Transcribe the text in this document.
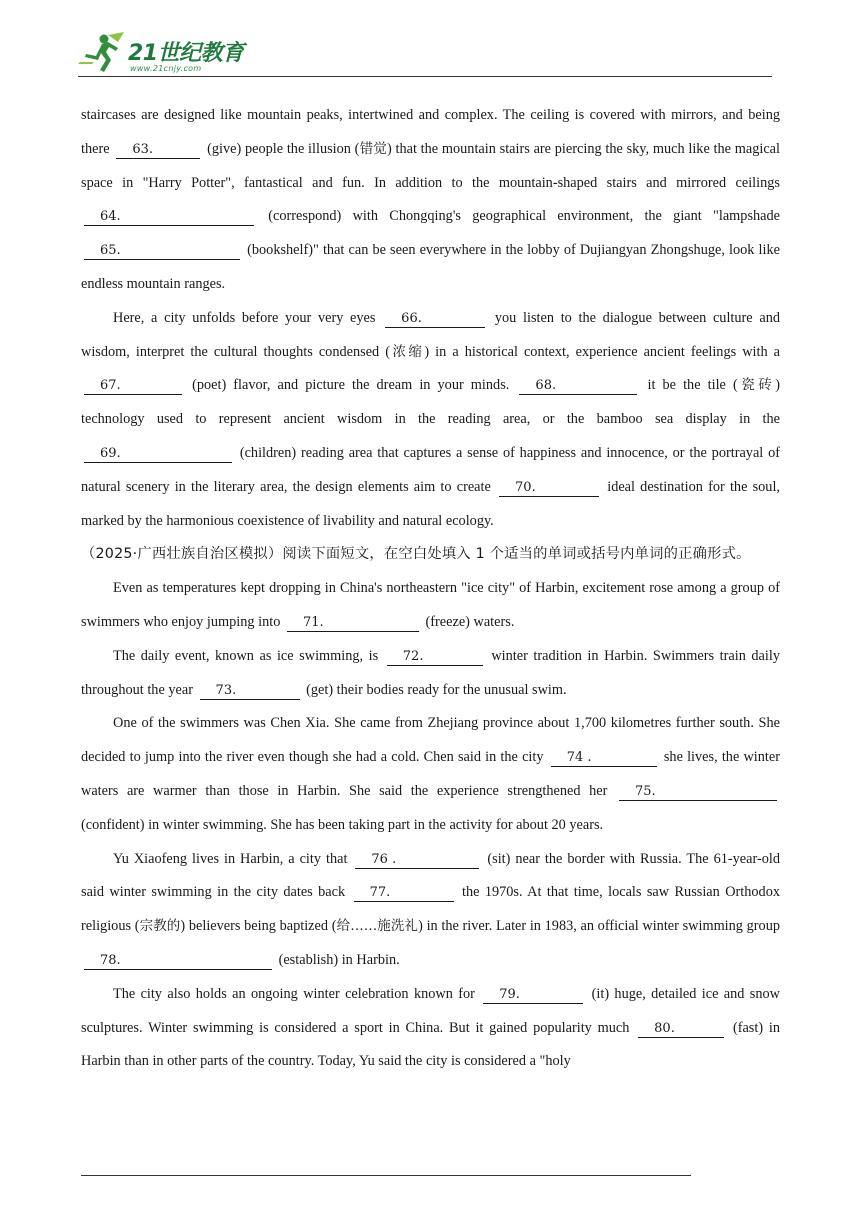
21世纪教育
www.21cnjy.com

staircases are designed like mountain peaks, intertwined and complex. The ceiling is covered with mirrors, and being there 63.	(give) people the illusion (错觉) that the mountain stairs are piercing the sky, much like the magical space in "Harry Potter", fantastical and fun. In addition to the mountain-shaped stairs and mirrored ceilings 64.	(correspond) with Chongqing's geographical environment, the giant "lampshade 65.	(bookshelf)" that can be seen everywhere in the lobby of Dujiangyan Zhongshuge, look like endless mountain ranges.

Here, a city unfolds before your very eyes 66.	you listen to the dialogue between culture and wisdom, interpret the cultural thoughts condensed (浓缩) in a historical context, experience ancient feelings with a 67.	(poet) flavor, and picture the dream in your minds. 68.	it be the tile (瓷砖) technology used to represent ancient wisdom in the reading area, or the bamboo sea display in the 69.	(children) reading area that captures a sense of happiness and innocence, or the portrayal of natural scenery in the literary area, the design elements aim to create 70.	ideal destination for the soul, marked by the harmonious coexistence of livability and natural ecology.

（2025·广西壮族自治区模拟）阅读下面短文，在空白处填入 1 个适当的单词或括号内单词的正确形式。

Even as temperatures kept dropping in China's northeastern "ice city" of Harbin, excitement rose among a group of swimmers who enjoy jumping into 71.	(freeze) waters.

The daily event, known as ice swimming, is 72.	winter tradition in Harbin. Swimmers train daily throughout the year 73.	(get) their bodies ready for the unusual swim.

One of the swimmers was Chen Xia. She came from Zhejiang province about 1,700 kilometres further south. She decided to jump into the river even though she had a cold. Chen said in the city 74 .	she lives, the winter waters are warmer than those in Harbin. She said the experience strengthened her 75. (confident) in winter swimming. She has been taking part in the activity for about 20 years.

Yu Xiaofeng lives in Harbin, a city that 76 .	(sit) near the border with Russia. The 61-year-old said winter swimming in the city dates back 77.	the 1970s. At that time, locals saw Russian Orthodox religious (宗教的) believers being baptized (给……施洗礼) in the river. Later in 1983, an official winter swimming group 78.	(establish) in Harbin.

The city also holds an ongoing winter celebration known for 79.	(it) huge, detailed ice and snow sculptures. Winter swimming is considered a sport in China. But it gained popularity much 80.	(fast) in Harbin than in other parts of the country. Today, Yu said the city is considered a "holy
